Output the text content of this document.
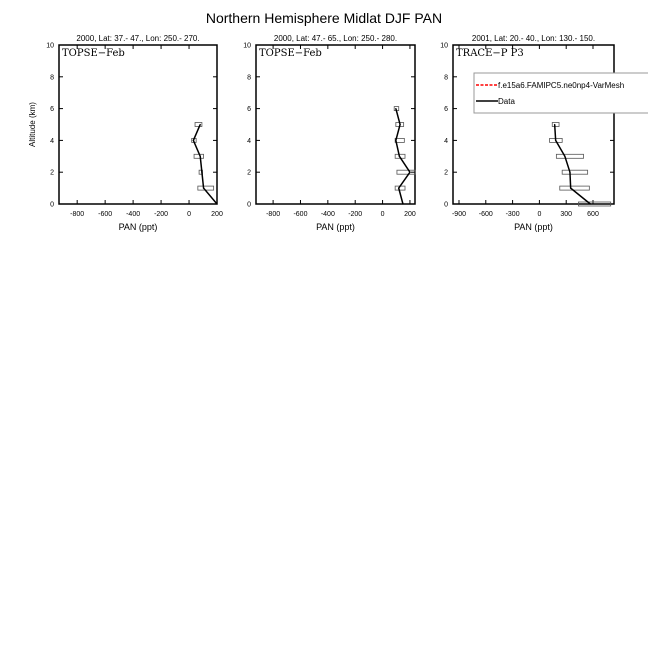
Northern Hemisphere Midlat DJF PAN
2000, Lat: 37.- 47., Lon: 250.- 270.
TOPSE−Feb
PAN (ppt)
Altitude (km)
-800 -600 -400 -200	0	200
0
2
4
6
8
10
2000, Lat: 47.- 65., Lon: 250.- 280.
TOPSE−Feb
PAN (ppt)
-800 -600 -400 -200	0	200
0
2
4
6
8
10
2001, Lat: 20.- 40., Lon: 130.- 150.
TRACE−P P3
PAN (ppt)
-900 -600 -300	0	300 600
0
2
4
6
8
10
f.e15a6.FAMIPC5.ne0np4-VarMesh
Data
